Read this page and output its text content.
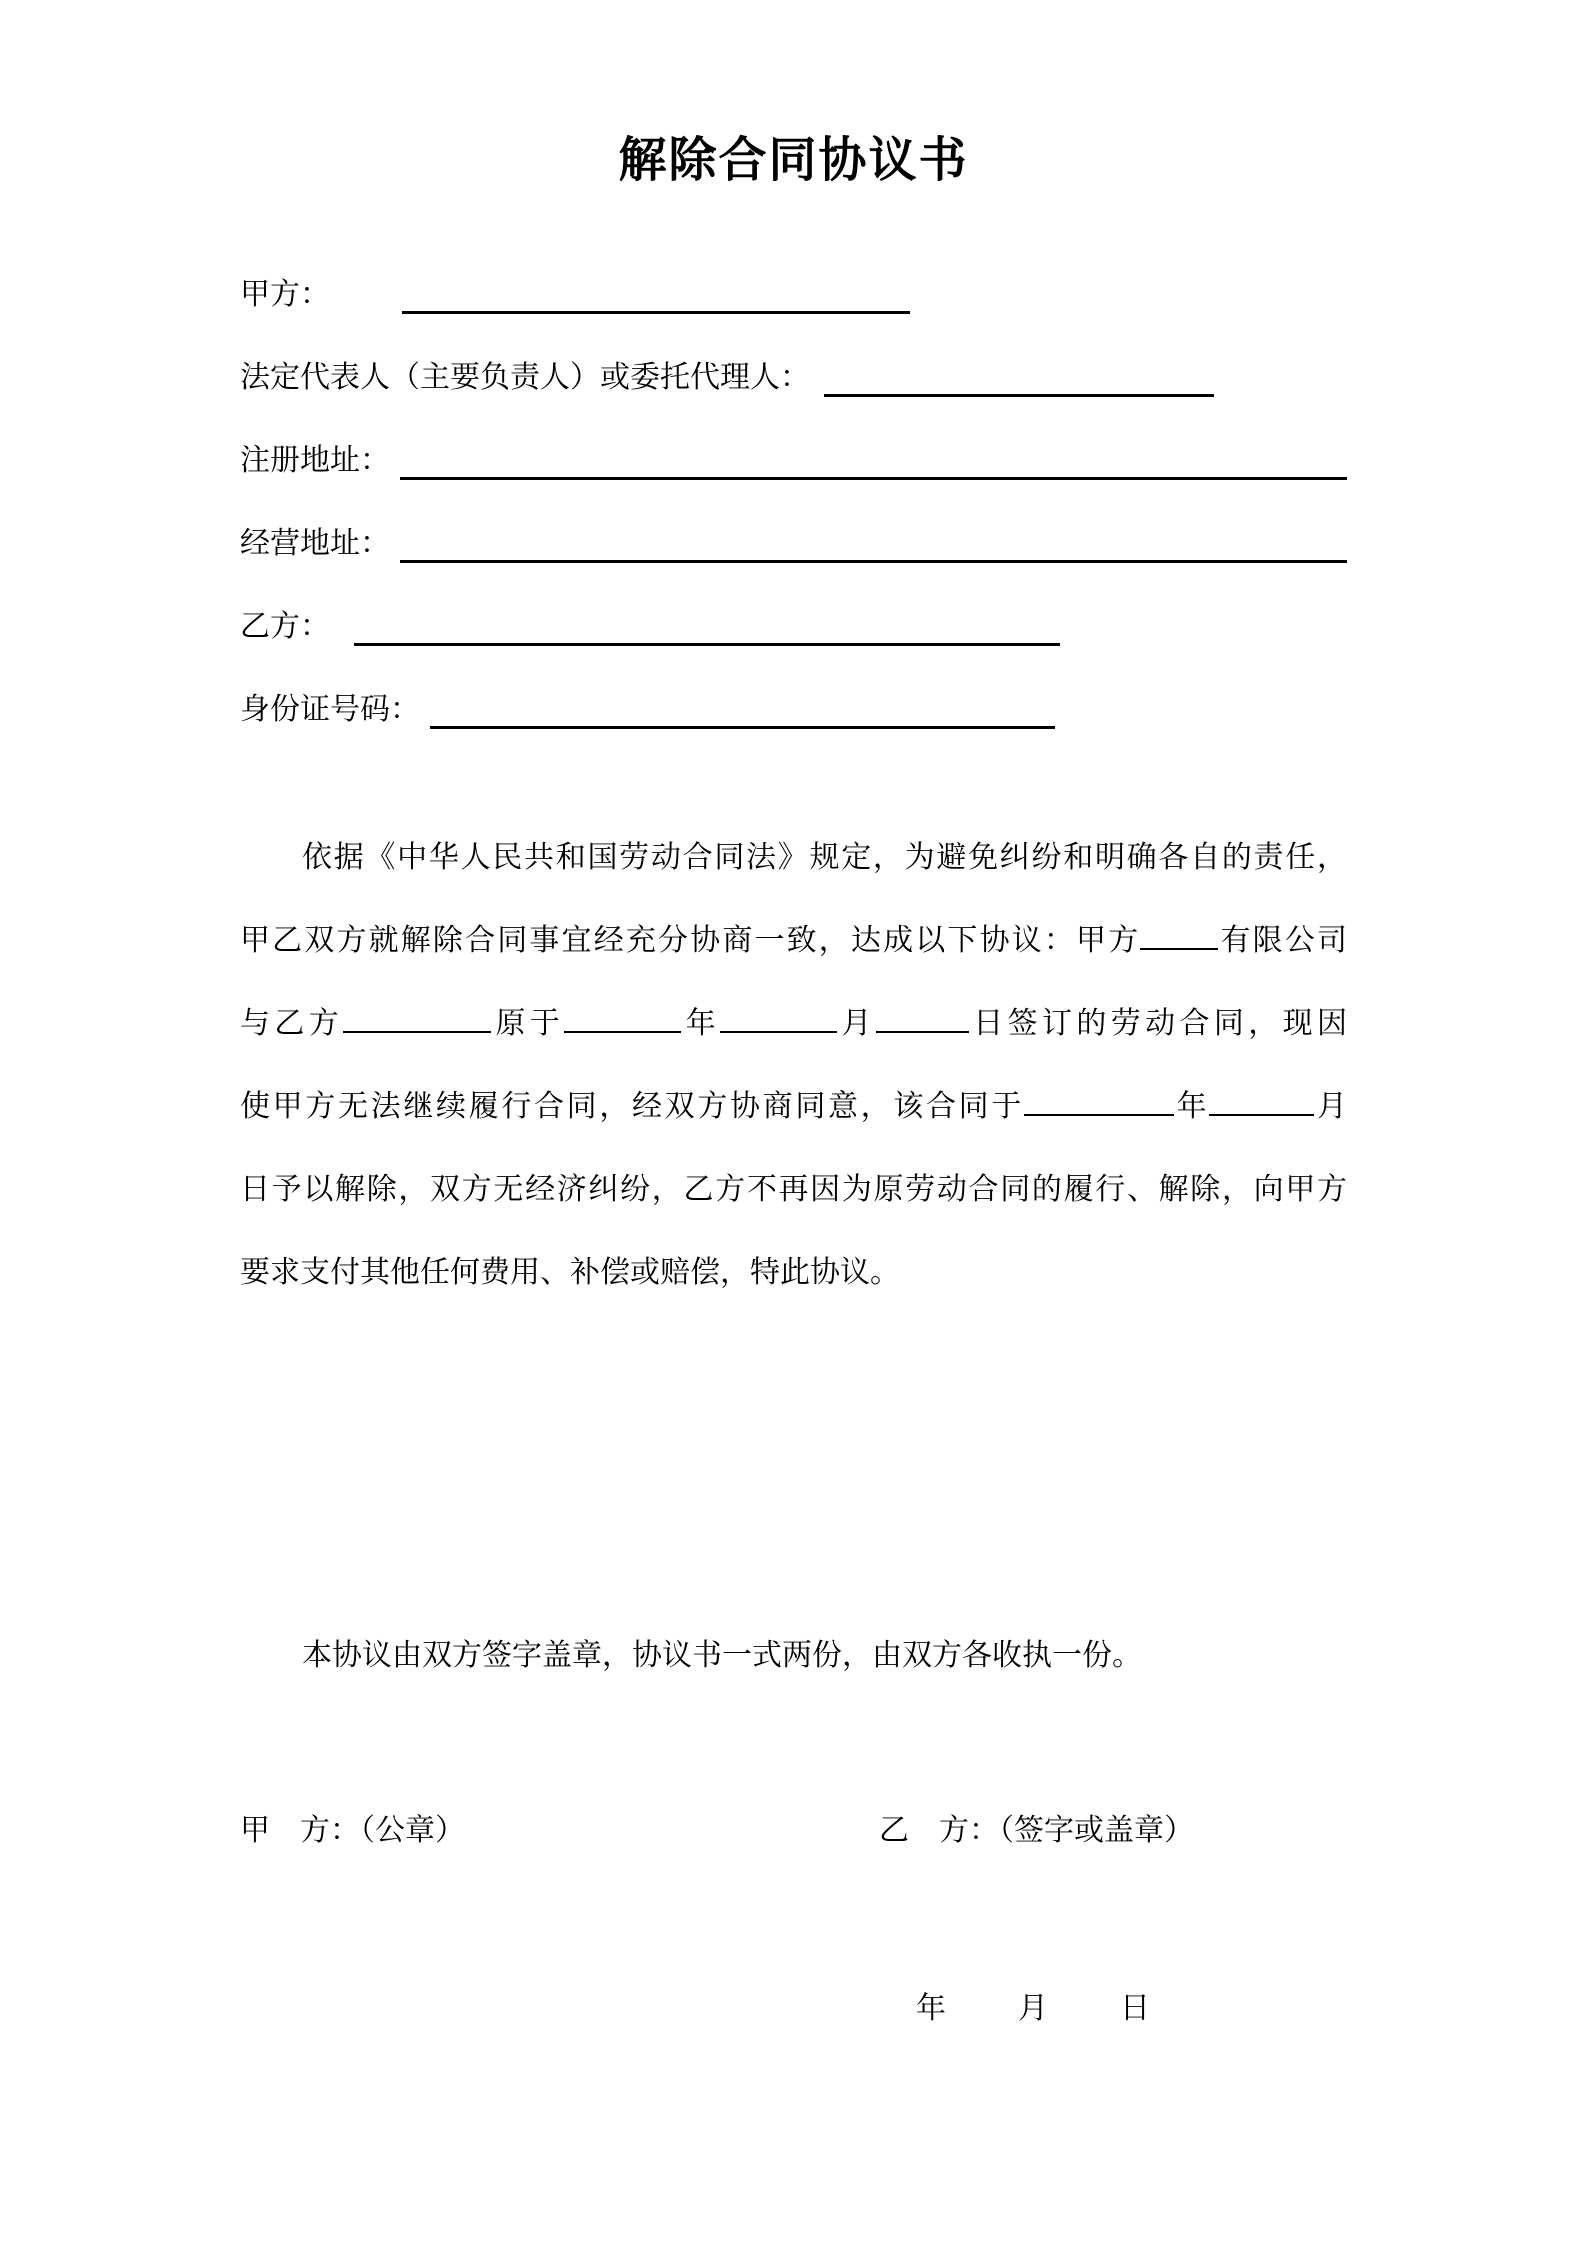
解除合同协议书
甲方：
法定代表人（主要负责人）或委托代理人：
注册地址：
经营地址：
乙方：
身份证号码：
依据《中华人民共和国劳动合同法》规定，为避免纠纷和明确各自的责任，
甲乙双方就解除合同事宜经充分协商一致，达成以下协议：甲方	有限公司
与乙方	原于	年	月	日签订的劳动合同，现因
使甲方无法继续履行合同，经双方协商同意，该合同于	年	月
日予以解除，双方无经济纠纷，乙方不再因为原劳动合同的履行、解除，向甲方
要求支付其他任何费用、补偿或赔偿，特此协议。
本协议由双方签字盖章，协议书一式两份，由双方各收执一份。
甲　方：（公章）	乙　方：（签字或盖章）
年 月 日
